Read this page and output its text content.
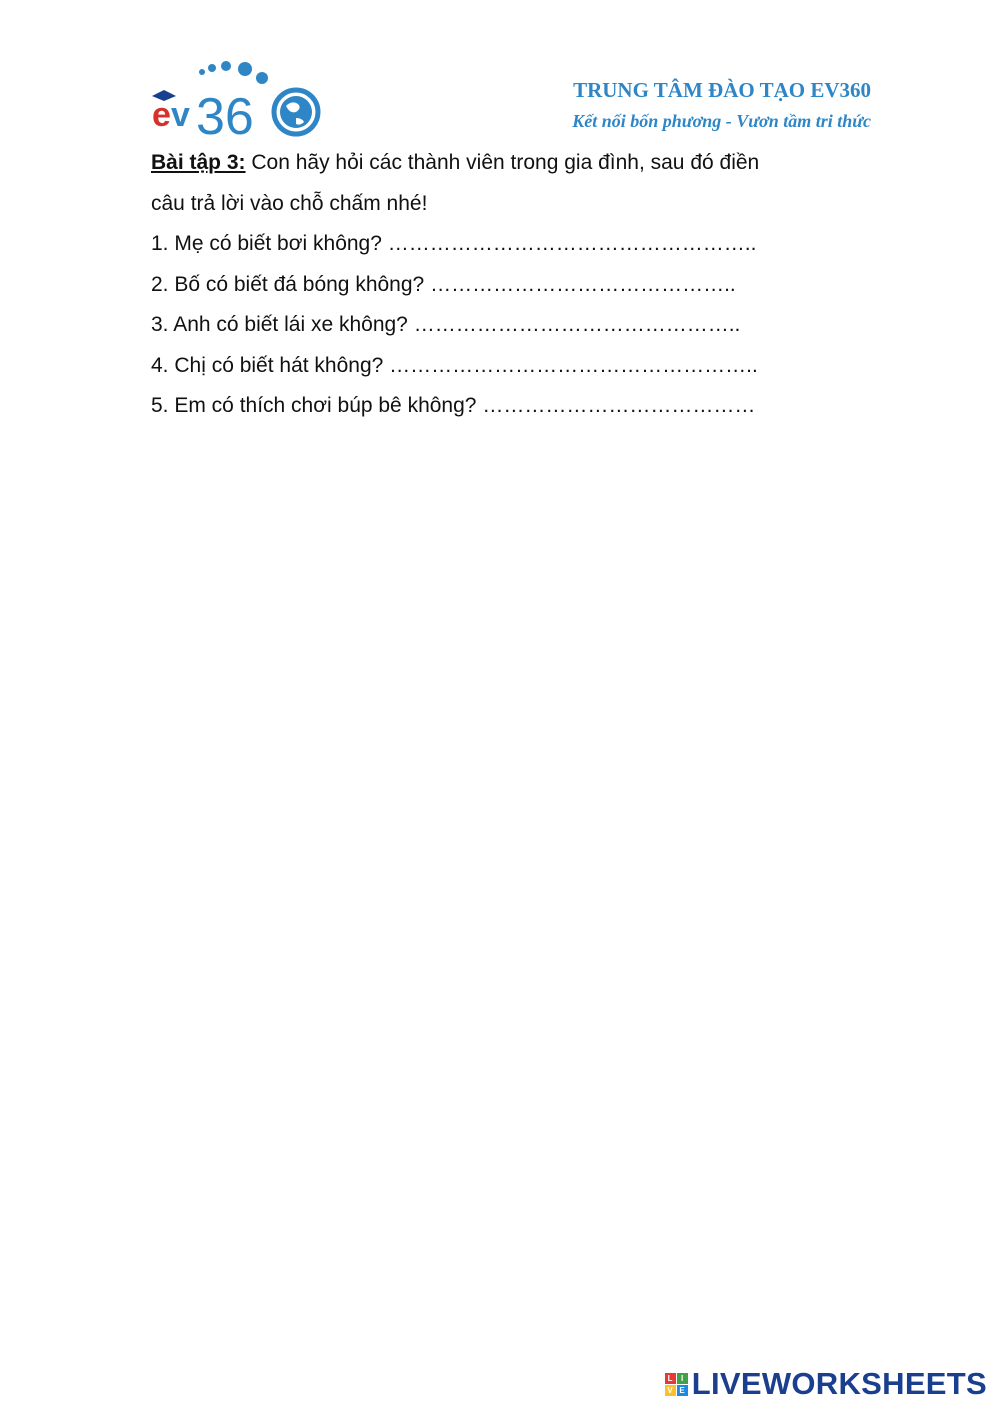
e v 36	TRUNG TÂM ĐÀO TẠO EV360
Kết nối bốn phương - Vươn tầm tri thức
Bài tập 3: Con hãy hỏi các thành viên trong gia đình, sau đó điền
câu trả lời vào chỗ chấm nhé!
1. Mẹ có biết bơi không? ……………………………………………..
2. Bố có biết đá bóng không? ……………………………………..
3. Anh có biết lái xe không? ………………………………………..
4. Chị có biết hát không? ……………………………………………..
5. Em có thích chơi búp bê không? …………………………………
L	I
V E LIVEWORKSHEETS
